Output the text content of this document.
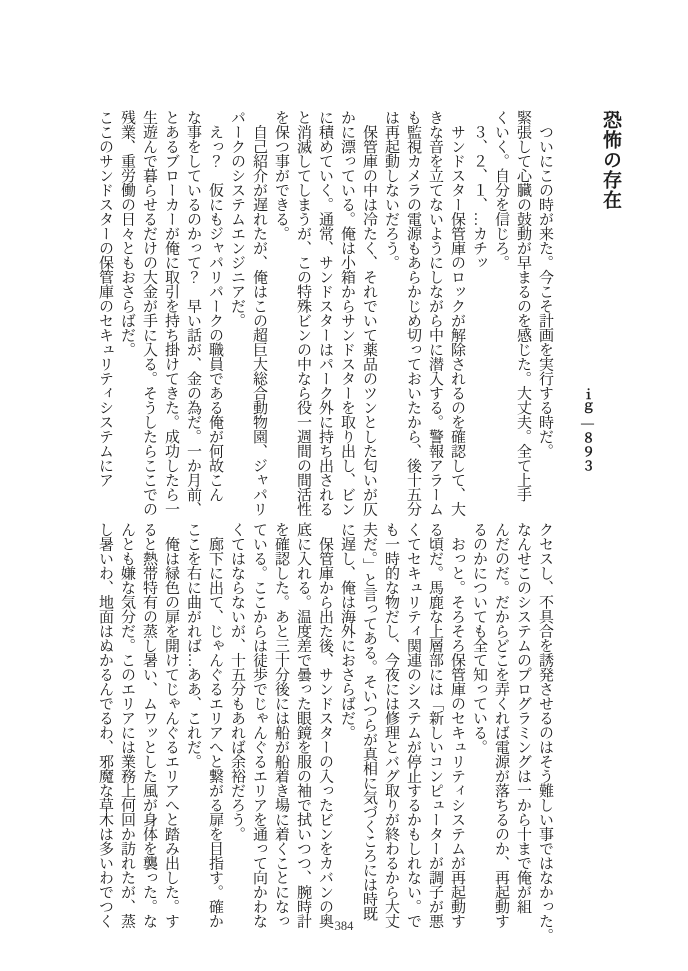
恐怖の存在
ｉｇ―８９３
　ついにこの時が来た。今こそ計画を実行する時だ。
緊張して心臓の鼓動が早まるのを感じた。大丈夫。全て上手
くいく。自分を信じろ。
　３、２、１、…カチッ
　サンドスター保管庫のロックが解除されるのを確認して、大
きな音を立てないようにしながら中に潜入する。警報アラーム
も監視カメラの電源もあらかじめ切っておいたから、後十五分
は再起動しないだろう。
　保管庫の中は冷たく、それでいて薬品のツンとした匂いが仄
かに漂っている。俺は小箱からサンドスターを取り出し、ビン
に積めていく。通常、サンドスターはパーク外に持ち出される
と消滅してしまうが、この特殊ビンの中なら役一週間の間活性
を保つ事ができる。
　自己紹介が遅れたが、俺はこの超巨大総合動物園、ジャパリ
パークのシステムエンジニアだ。
　えっ？　仮にもジャパリパークの職員である俺が何故こん
な事をしているのかって？　早い話が、金の為だ。一か月前、
とあるブローカーが俺に取引を持ち掛けてきた。成功したら一
生遊んで暮らせるだけの大金が手に入る。そうしたらここでの
残業、重労働の日々ともおさらばだ。
ここのサンドスターの保管庫のセキュリティシステムにア
クセスし、不具合を誘発させるのはそう難しい事ではなかった。
なんせこのシステムのプログラミングは一から十まで俺が組
んだのだ。だからどこを弄くれば電源が落ちるのか、再起動す
るのかについても全て知っている。
　おっと。そろそろ保管庫のセキュリティシステムが再起動す
る頃だ。馬鹿な上層部には「新しいコンピューターが調子が悪
くてセキュリティ関連のシステムが停止するかもしれない。で
も一時的な物だし、今夜には修理とバグ取りが終わるから大丈
夫だ。」と言ってある。そいつらが真相に気づくころには時既
に遅し、俺は海外におさらばだ。
　保管庫から出た後、サンドスターの入ったビンをカバンの奥
底に入れる。温度差で曇った眼鏡を服の袖で拭いつつ、腕時計
を確認した。あと三十分後には船が船着き場に着くことになっ
ている。ここからは徒歩でじゃんぐるエリアを通って向かわな
くてはならないが、十五分もあれば余裕だろう。
　廊下に出て、じゃんぐるエリアへと繋がる扉を目指す。確か
ここを右に曲がれば…ああ、これだ。
　俺は緑色の扉を開けてじゃんぐるエリアへと踏み出した。す
ると熱帯特有の蒸し暑い、ムワッとした風が身体を襲った。な
んとも嫌な気分だ。このエリアには業務上何回か訪れたが、蒸
し暑いわ、地面はぬかるんでるわ、邪魔な草木は多いわでつく	384
